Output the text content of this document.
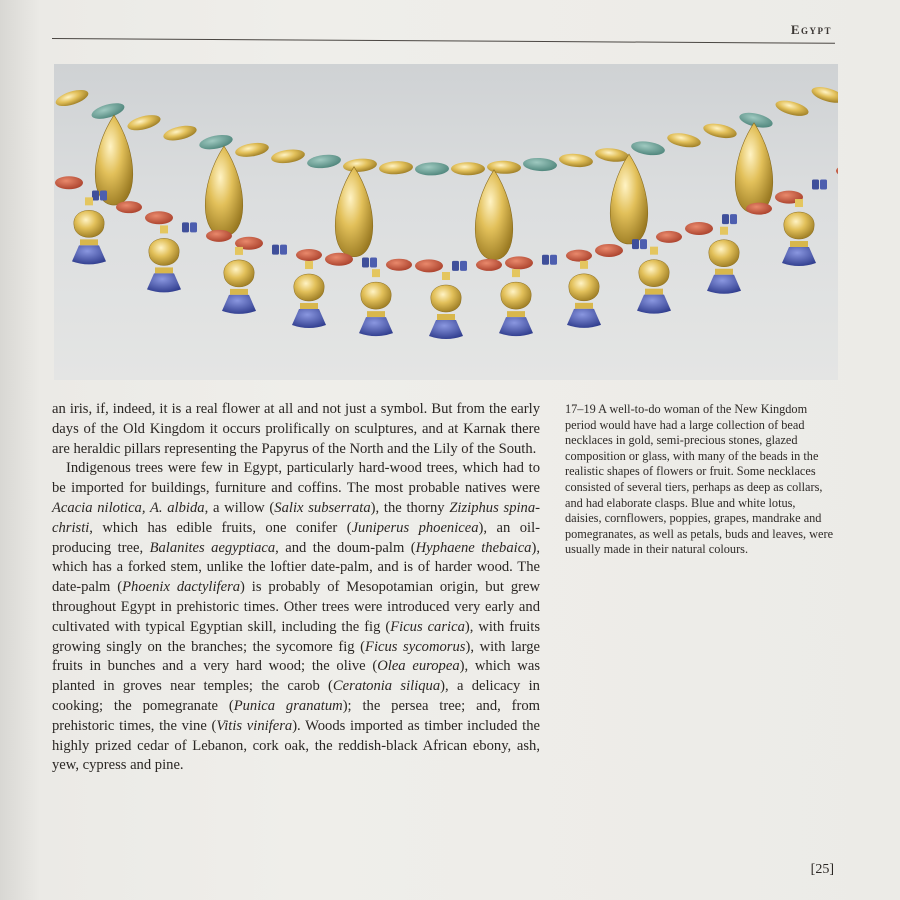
Egypt

an iris, if, indeed, it is a real flower at all and not just a symbol. But from the early days of the Old Kingdom it occurs prolifically on sculptures, and at Karnak there are heraldic pillars representing the Papyrus of the North and the Lily of the South.

Indigenous trees were few in Egypt, particularly hard-wood trees, which had to be imported for buildings, furniture and coffins. The most probable natives were Acacia nilotica, A. albida, a willow (Salix subserrata), the thorny Ziziphus spina-christi, which has edible fruits, one conifer (Juniperus phoenicea), an oil-producing tree, Balanites aegyptiaca, and the doum-palm (Hyphaene thebaica), which has a forked stem, unlike the loftier date-palm, and is of harder wood. The date-palm (Phoenix dactylifera) is probably of Mesopotamian origin, but grew throughout Egypt in prehistoric times. Other trees were introduced very early and cultivated with typical Egyptian skill, including the fig (Ficus carica), with fruits growing singly on the branches; the sycomore fig (Ficus sycomorus), with large fruits in bunches and a very hard wood; the olive (Olea europea), which was planted in groves near temples; the carob (Ceratonia siliqua), a delicacy in cooking; the pomegranate (Punica granatum); the persea tree; and, from prehistoric times, the vine (Vitis vinifera). Woods imported as timber included the highly prized cedar of Lebanon, cork oak, the reddish-black African ebony, ash, yew, cypress and pine.

17–19 A well-to-do woman of the New Kingdom period would have had a large collection of bead necklaces in gold, semi-precious stones, glazed composition or glass, with many of the beads in the realistic shapes of flowers or fruit. Some necklaces consisted of several tiers, perhaps as deep as collars, and had elaborate clasps. Blue and white lotus, daisies, cornflowers, poppies, grapes, mandrake and pomegranates, as well as petals, buds and leaves, were usually made in their natural colours.
[25]
